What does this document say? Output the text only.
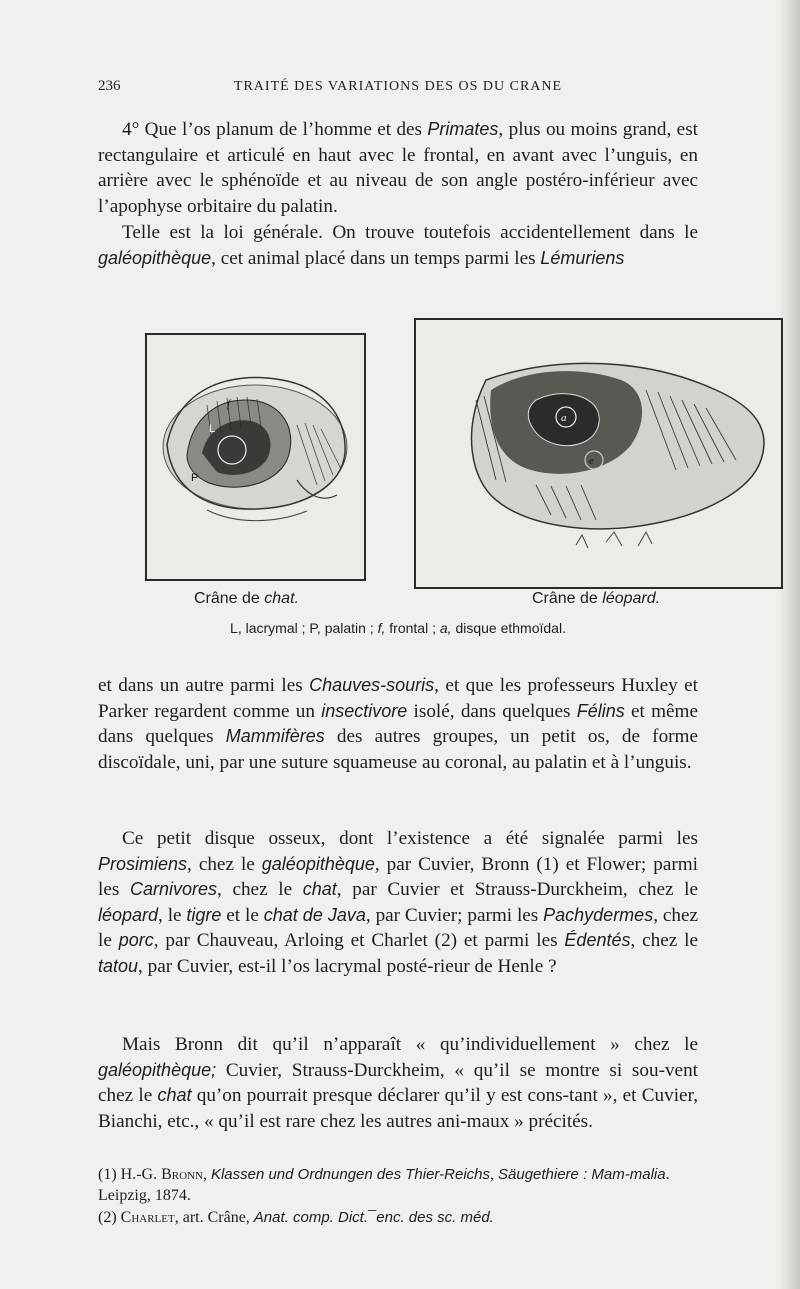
236	TRAITÉ DES VARIATIONS DES OS DU CRANE

4° Que l’os planum de l’homme et des Primates, plus ou moins grand, est rectangulaire et articulé en haut avec le frontal, en avant avec l’unguis, en arrière avec le sphénoïde et au niveau de son angle postéro-inférieur avec l’apophyse orbitaire du palatin.

Telle est la loi générale. On trouve toutefois accidentellement dans le galéopithèque, cet animal placé dans un temps parmi les Lémuriens

P
L
f
a
e
Crâne de chat.	Crâne de léopard.
L, lacrymal ; P, palatin ; f, frontal ; a, disque ethmoïdal.

et dans un autre parmi les Chauves-souris, et que les professeurs Huxley et Parker regardent comme un insectivore isolé, dans quelques Félins et même dans quelques Mammifères des autres groupes, un petit os, de forme discoïdale, uni, par une suture squameuse au coronal, au palatin et à l’unguis.

Ce petit disque osseux, dont l’existence a été signalée parmi les Prosimiens, chez le galéopithèque, par Cuvier, Bronn (1) et Flower; parmi les Carnivores, chez le chat, par Cuvier et Strauss-Durckheim, chez le léopard, le tigre et le chat de Java, par Cuvier; parmi les Pachydermes, chez le porc, par Chauveau, Arloing et Charlet (2) et parmi les Édentés, chez le tatou, par Cuvier, est-il l’os lacrymal posté-rieur de Henle ?

Mais Bronn dit qu’il n’apparaît « qu’individuellement » chez le galéopithèque; Cuvier, Strauss-Durckheim, « qu’il se montre si sou-vent chez le chat qu’on pourrait presque déclarer qu’il y est cons-tant », et Cuvier, Bianchi, etc., « qu’il est rare chez les autres ani-maux » précités.

(1) H.-G. Bronn, Klassen und Ordnungen des Thier-Reichs, Säugethiere : Mam-malia. Leipzig, 1874.
(2) Charlet, art. Crâne, Anat. comp. Dict.¯enc. des sc. méd.
